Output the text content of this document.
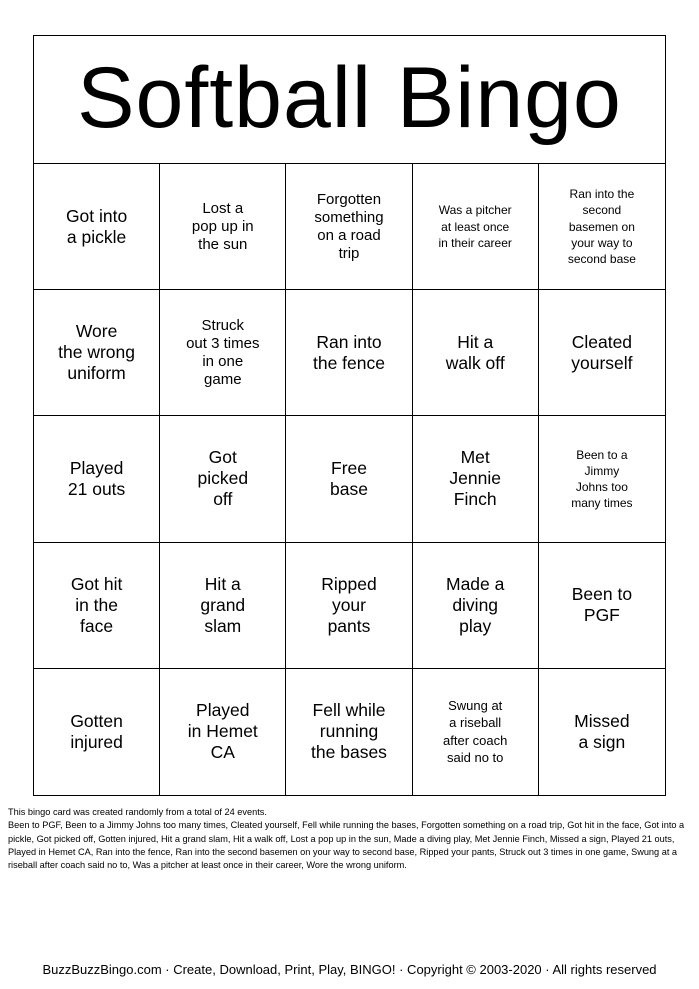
Softball Bingo
Got into
a pickle
Lost a
pop up in
the sun
Forgotten
something
on a road
trip
Was a pitcher
at least once
in their career
Ran into the
second
basemen on
your way to
second base
Wore
the wrong
uniform
Struck
out 3 times
in one
game
Ran into
the fence
Hit a
walk off
Cleated
yourself
Played
21 outs
Got
picked
off
Free
base
Met
Jennie
Finch
Been to a
Jimmy
Johns too
many times
Got hit
in the
face
Hit a
grand
slam
Ripped
your
pants
Made a
diving
play
Been to
PGF
Gotten
injured
Played
in Hemet
CA
Fell while
running
the bases
Swung at
a riseball
after coach
said no to
Missed
a sign
This bingo card was created randomly from a total of 24 events.
Been to PGF, Been to a Jimmy Johns too many times, Cleated yourself, Fell while running the bases, Forgotten something on a road trip, Got hit in the face, Got into a pickle, Got picked off, Gotten injured, Hit a grand slam, Hit a walk off, Lost a pop up in the sun, Made a diving play, Met Jennie Finch, Missed a sign, Played 21 outs, Played in Hemet CA, Ran into the fence, Ran into the second basemen on your way to second base, Ripped your pants, Struck out 3 times in one game, Swung at a riseball after coach said no to, Was a pitcher at least once in their career, Wore the wrong uniform.
BuzzBuzzBingo.com · Create, Download, Print, Play, BINGO! · Copyright © 2003-2020 · All rights reserved
